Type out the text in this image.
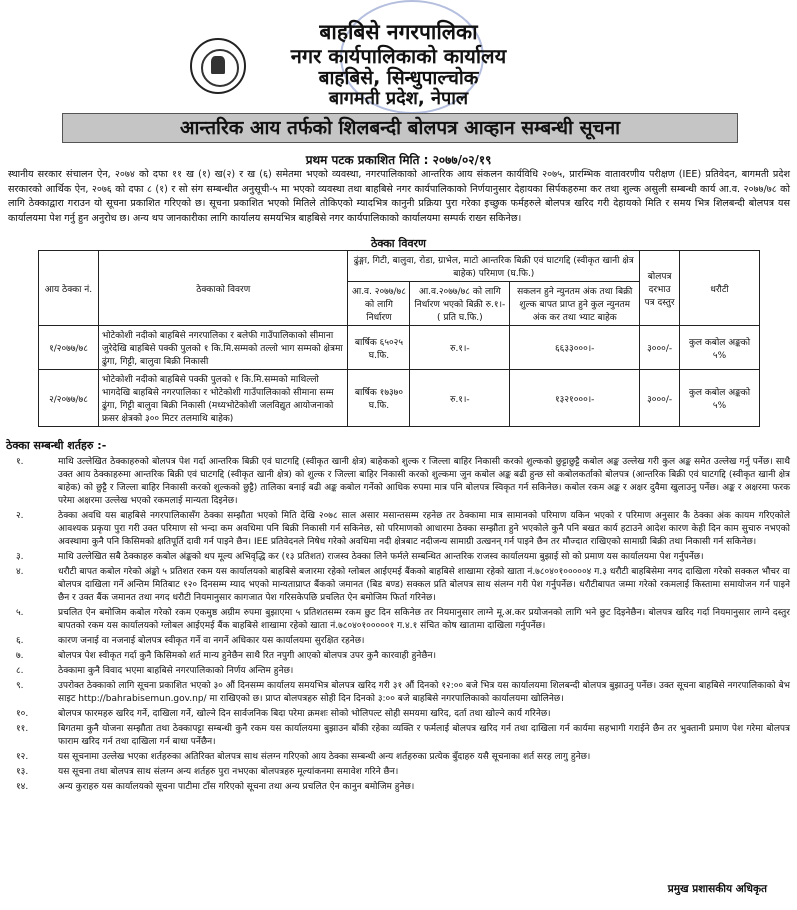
बाहबिसे नगरपालिका
नगर कार्यपालिकाको कार्यालय
बाहबिसे, सिन्धुपाल्चोक
बागमती प्रदेश, नेपाल
आन्तरिक आय तर्फको शिलबन्दी बोलपत्र आव्हान सम्बन्धी सूचना
प्रथम पटक प्रकाशित मिति : २०७७/०२/१९
स्थानीय सरकार संचालन ऐन, २०७४ को दफा ११ ख (१) ख(२) र ख (६) समेतमा भएको व्यवस्था, नगरपालिकाको आन्तरिक आय संकलन कार्यविधि २०७५, प्रारम्भिक वातावरणीय परीक्षण (IEE) प्रतिवेदन, बागमती प्रदेश सरकारको आर्थिक ऐन, २०७६ को दफा ८ (१) र सो संग सम्बन्धीत अनुसूची-५ मा भएको व्यवस्था तथा बाहबिसे नगर कार्यपालिकाको निर्णयानुसार देहायका सिर्पकहरुमा कर तथा शुल्क असुली सम्बन्धी कार्य आ.व. २०७७/७८ को लागि ठेक्काद्वारा गराउन यो सूचना प्रकाशित गरिएको छ। सूचना प्रकाशित भएको मितिले तोकिएको म्यादभित्र कानुनी प्रक्रिया पुरा गरेका इच्छुक फर्महरुले बोलपत्र खरिद गरी देहायको मिति र समय भित्र शिलबन्दी बोलपत्र यस कार्यालयमा पेश गर्नु हुन अनुरोध छ। अन्य थप जानकारीका लागि कार्यालय समयभित्र बाहबिसे नगर कार्यपालिकाको कार्यालयमा सम्पर्क राख्न सकिनेछ।
ठेक्का विवरण
आय ठेक्का नं.	ठेक्काको विवरण	ढुंङ्गा, गिटी, बालुवा, रोडा, ग्राभेल, माटो आन्तरिक बिक्री एवं घाटगद्दि (स्वीकृत खानी क्षेत्र बाहेक) परिमाण (घ.फि.)			बोलपत्र दरभाउ पत्र दस्तुर	धरौटी
		आ.व. २०७७/७८ को लागि निर्धारण	आ.व.२०७७/७८ को लागि निर्धारण भएको बिक्री रु.१।- ( प्रति घ.फि.)	सकलन हुने न्युनतम अंक तथा बिक्री शुल्क बापत प्राप्त हुने कुल न्युनतम अंक कर तथा भ्याट बाहेक		
१/२०७७/७८	भोटेकोशी नदीको बाहबिसे नगरपालिका र बलेफी गाउँपालिकाको सीमाना जुरेदेखि बाहबिसे पक्की पुलको १ कि.मि.सम्मको तल्लो भाग सम्मको क्षेत्रमा ढुंगा, गिट्टी, बालुवा बिक्री निकासी	बार्षिक ६५०२५ घ.फि.	रु.१।-	६६३३०००।-	३०००/-	कुल कबोल अङ्कको ५%
२/२०७७/७८	भोटेकोशी नदीको बाहबिसे पक्की पुलको १ कि.मि.सम्मको माथिल्लो भागदेखि बाहबिसे नगरपालिका र भोटेकोशी गाउँपालिकाको सीमाना सम्म ढुंगा, गिट्टी बालुवा बिक्री निकासी (मध्यभोटेकोशी जलविद्युत आयोजनाको फ्रसर क्षेत्रको ३०० मिटर तलमाथि बाहेक)	बार्षिक १७३७० घ.फि.	रु.१।-	१३२१०००।-	३०००/-	कुल कबोल अङ्कको ५%
ठेक्का सम्बन्धी शर्तहरु :-
१.	माथि उल्लेखित ठेक्काहरुको बोलपत्र पेश गर्दा आन्तरिक बिक्री एवं घाटगद्दि (स्वीकृत खानी क्षेत्र) बाहेकको शुल्क र जिल्ला बाहिर निकासी करको शुल्कको छुट्टाछुट्टै कबोल अङ्क उल्लेख गरी कुल अङ्क समेत उल्लेख गर्नु पर्नेछ। साथै उक्त आय ठेक्काहरुमा आन्तरिक बिक्री एवं घाटगद्दि (स्वीकृत खानी क्षेत्र) को शुल्क र जिल्ला बाहिर निकासी करको शुल्कमा जुन कबोल अङ्क बढी हुन्छ सो कबोलकर्ताको बोलपत्र (आन्तरिक बिक्री एवं घाटगद्दि (स्वीकृत खानी क्षेत्र बाहेक) को छुट्टै र जिल्ला बाहिर निकासी करको शुल्कको छुट्टै) तालिका बनाई बढी अङ्क कबोल गर्नेको आधिक रुपमा मात्र पनि बोलपत्र स्विकृत गर्न सकिनेछ। कबोल रकम अङ्क र अक्षर दुवैमा खुलाउनु पर्नेछ। अङ्क र अक्षरमा फरक परेमा अक्षरमा उल्लेख भएको रकमलाई मान्यता दिइनेछ।
२.	ठेक्का अवधि यस बाहबिसे नगरपालिकासँग ठेक्का सम्झौता भएको मिति देखि २०७८ साल असार मसान्तसम्म रहनेछ तर ठेक्कामा मात्र सामानको परिमाण यकिन भएको र परिमाण अनुसार कै ठेक्का अंक कायम गरिएकोले आवश्यक प्रकृया पुरा गरी उक्त परिमाण सो भन्दा कम अवधिमा पनि बिक्री निकासी गर्न सकिनेछ, सो परिमाणको आधारमा ठेक्का सम्झौता हुने भएकोले कुनै पनि बखत कार्य हटाउने आदेश कारण केही दिन काम सुचारु नभएको अवस्थामा कुनै पनि किसिमको क्षतिपूर्ति दावी गर्न पाइने छैन। IEE प्रतिवेदनले निषेध गरेको अवधिमा नदी क्षेत्रबाट नदीजन्य सामाग्री उत्खनन् गर्न पाइने छैन तर मौज्दात राखिएको सामाग्री बिक्री तथा निकासी गर्न सकिनेछ।
३.	माथि उल्लेखित सबै ठेक्काहरु कबोल अंङ्कको थप मूल्य अभिवृद्धि कर (१३ प्रतिशत) राजस्व ठेक्का लिने फर्मले सम्बन्धित आन्तरिक राजस्व कार्यालयमा बुझाई सो को प्रमाण यस कार्यालयमा पेश गर्नुपर्नेछ।
४.	धरौटी बापत कबोल गरेको अंङ्को ५ प्रतिशत रकम यस कार्यालयको बाहबिसे बजारमा रहेको ग्लोबल आईएमई बैंकको बाहबिसे शाखामा रहेको खाता नं.७८०४०१०००००४ ग.३ धरौटी बाहबिसेमा नगद दाखिला गरेको सक्कल भौचर वा बोलपत्र दाखिला गर्ने अन्तिम मितिबाट १२० दिनसम्म म्याद भएको मान्यताप्राप्त बैंकको जमानत (बिड बण्ड) सक्कल प्रति बोलपत्र साथ संलग्न गरी पेश गर्नुपर्नेछ। धरौटीबापत जम्मा गरेको रकमलाई किस्तामा समायोजन गर्न पाइने छैन र उक्त बैंक जमानत तथा नगद धरौटी नियमानुसार कागजात पेश गरिसकेपछि प्रचलित ऐन बमोजिम फिर्ता गरिनेछ।
५.	प्रचलित ऐन बमोजिम कबोल गरेको रकम एकमुष्ठ अग्रीम रुपमा बुझाएमा ५ प्रतिशतसम्म रकम छुट दिन सकिनेछ तर नियमानुसार लाग्ने मू.अ.कर प्रयोजनको लागि भने छुट दिइनेछैन। बोलपत्र खरिद गर्दा नियमानुसार लाग्ने दस्तुर बापतको रकम यस कार्यालयको ग्लोबल आईएमई बैंक बाहबिसे शाखामा रहेको खाता नं.७८०४०१०००००१ ग.४.१ संचित कोष खातामा दाखिला गर्नुपर्नेछ।
६.	कारण जनाई वा नजनाई बोलपत्र स्वीकृत गर्ने वा नगर्ने अधिकार यस कार्यालयमा सुरक्षित रहनेछ।
७.	बोलपत्र पेश स्वीकृत गर्दा कुनै किसिमको शर्त मान्य हुनेछैन साथै रित नपुगी आएको बोलपत्र उपर कुनै कारवाही हुनेछैन।
८.	ठेक्कामा कुनै विवाद भएमा बाहबिसे नगरपालिकाको निर्णय अन्तिम हुनेछ।
९.	उपरोक्त ठेक्काको लागि सूचना प्रकाशित भएको ३० औं दिनसम्म कार्यालय समयभित्र बोलपत्र खरिद गरी ३१ औं दिनको १२:०० बजे भित्र यस कार्यालयमा शिलबन्दी बोलपत्र बुझाउनु पर्नेछ। उक्त सूचना बाहबिसे नगरपालिकाको बेभ साइट http://bahrabisemun.gov.np/ मा राखिएको छ। प्राप्त बोलपत्रहरु सोही दिन दिनको ३:०० बजे बाहबिसे नगरपालिकाको कार्यालयमा खोलिनेछ।
१०.	बोलपत्र फारमहरु खरिद गर्ने, दाखिला गर्ने, खोल्ने दिन सार्वजनिक बिदा परेमा क्रमशः सोको भोलिपल्ट सोही समयमा खरिद, दर्ता तथा खोल्ने कार्य गरिनेछ।
११.	बिगतमा कुनै योजना सम्झौता तथा ठेक्कापट्टा सम्बन्धी कुनै रकम यस कार्यालयमा बुझाउन बाँकी रहेका व्यक्ति र फर्मलाई बोलपत्र खरिद गर्न तथा दाखिला गर्न कार्यमा सहभागी गराईने छैन तर भुक्तानी प्रमाण पेश गरेमा बोलपत्र फाराम खरिद गर्न तथा दाखिला गर्न बाधा पर्नेछैन।
१२.	यस सूचनामा उल्लेख भएका शर्तहरुका अतिरिक्त बोलपत्र साथ संलग्न गरिएको आय ठेक्का सम्बन्धी अन्य शर्तहरुका प्रत्येक बुँदाहरु यसै सूचनाका शर्त सरह लागु हुनेछ।
१३.	यस सूचना तथा बोलपत्र साथ संलग्न अन्य शर्तहरु पुरा नभएका बोलपत्रहरु मूल्यांकनमा समावेश गरिने छैन।
१४.	अन्य कुराहरु यस कार्यालयको सूचना पाटीमा टाँस गरिएको सूचना तथा अन्य प्रचलित ऐन कानुन बमोजिम हुनेछ।
प्रमुख प्रशासकीय अधिकृत
